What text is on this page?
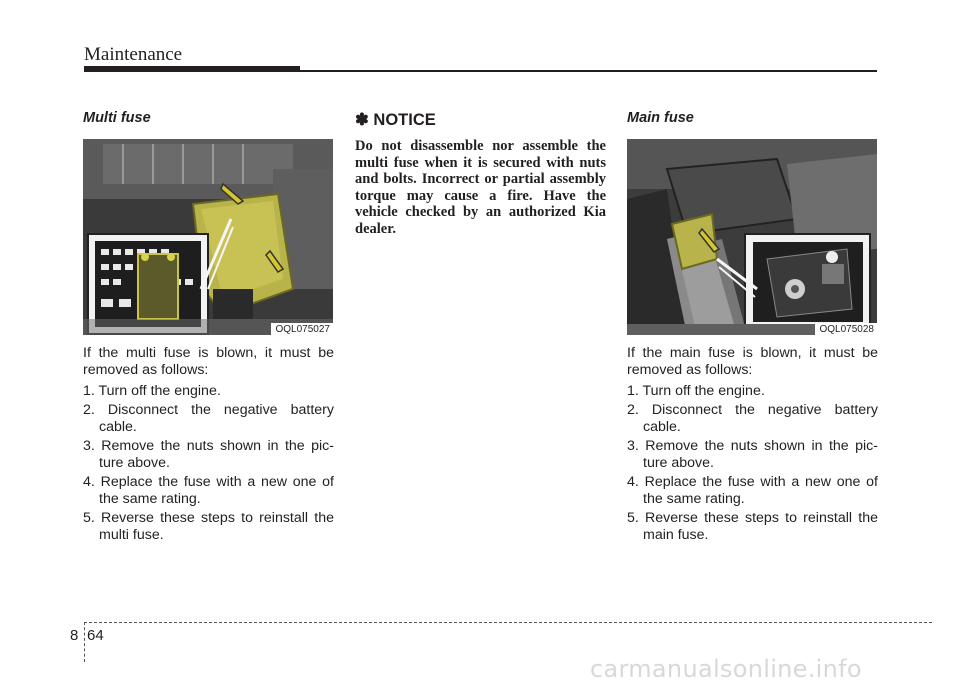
Maintenance
Multi fuse
OQL075027

If the multi fuse is blown, it must be removed as follows:

1. Turn off the engine.
2. Disconnect the negative battery cable.
3. Remove the nuts shown in the pic- ture above.
4. Replace the fuse with a new one of the same rating.
5. Reverse these steps to reinstall the multi fuse.
✽ NOTICE

Do not disassemble nor assemble the multi fuse when it is secured with nuts and bolts. Incorrect or partial assembly torque may cause a fire. Have the vehicle checked by an authorized Kia dealer.

Main fuse
OQL075028

If the main fuse is blown, it must be removed as follows:

1. Turn off the engine.
2. Disconnect the negative battery cable.
3. Remove the nuts shown in the pic- ture above.
4. Replace the fuse with a new one of the same rating.
5. Reverse these steps to reinstall the main fuse.
8 64
carmanualsonline.info
